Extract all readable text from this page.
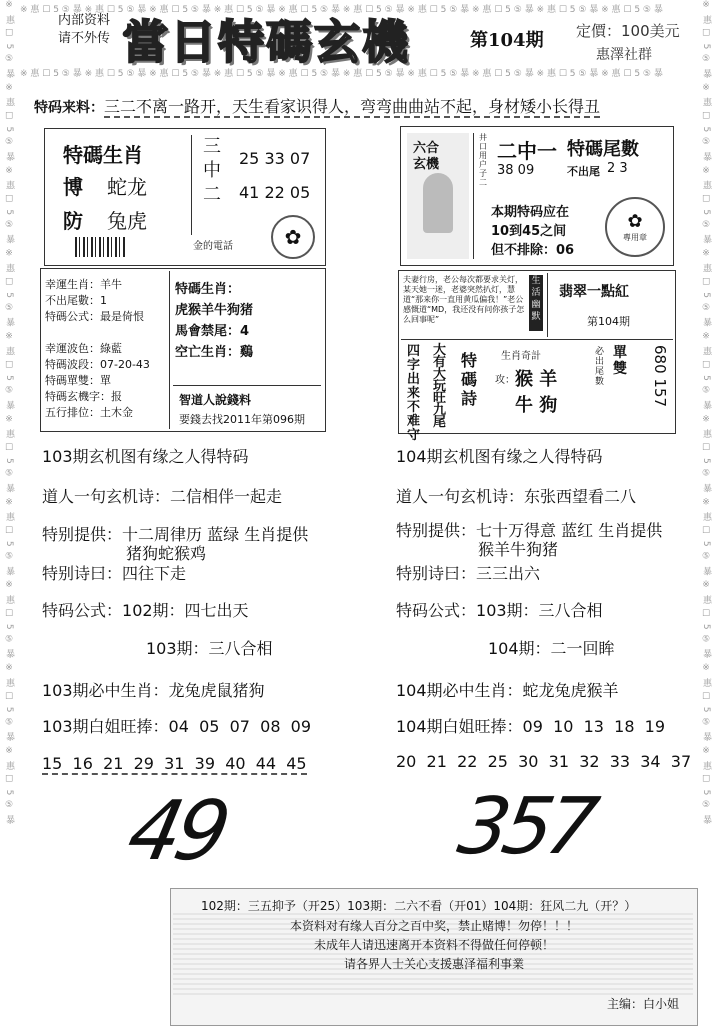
※ 惠 ☐ 5 ⑤ 暴 ※ 惠 ☐ 5 ⑤ 暴 ※ 惠 ☐ 5 ⑤ 暴 ※ 惠 ☐ 5 ⑤ 暴 ※ 惠 ☐ 5 ⑤ 暴 ※ 惠 ☐ 5 ⑤ 暴 ※ 惠 ☐ 5 ⑤ 暴 ※ 惠 ☐ 5 ⑤ 暴 ※ 惠 ☐ 5 ⑤ 暴 ※ 惠 ☐ 5 ⑤ 暴	※ 惠 ☐ 5 ⑤ 暴 ※ 惠 ☐ 5 ⑤ 暴 ※ 惠 ☐ 5 ⑤ 暴 ※ 惠 ☐ 5 ⑤ 暴 ※ 惠 ☐ 5 ⑤ 暴 ※ 惠 ☐ 5 ⑤ 暴 ※ 惠 ☐ 5 ⑤ 暴 ※ 惠 ☐ 5 ⑤ 暴 ※ 惠 ☐ 5 ⑤ 暴 ※ 惠 ☐ 5 ⑤ 暴
※ 惠 ☐ 5 ⑤ 暴 ※ 惠 ☐ 5 ⑤ 暴 ※ 惠 ☐ 5 ⑤ 暴 ※ 惠 ☐ 5 ⑤ 暴 ※ 惠 ☐ 5 ⑤ 暴 ※ 惠 ☐ 5 ⑤ 暴 ※ 惠 ☐ 5 ⑤ 暴 ※ 惠 ☐ 5 ⑤ 暴 ※ 惠 ☐ 5 ⑤ 暴 ※ 惠 ☐ 5 ⑤ 暴
※ 惠 ☐ 5 ⑤ 暴 ※ 惠 ☐ 5 ⑤ 暴 ※ 惠 ☐ 5 ⑤ 暴 ※ 惠 ☐ 5 ⑤ 暴 ※ 惠 ☐ 5 ⑤ 暴 ※ 惠 ☐ 5 ⑤ 暴 ※ 惠 ☐ 5 ⑤ 暴 ※ 惠 ☐ 5 ⑤ 暴 ※ 惠 ☐ 5 ⑤ 暴 ※ 惠 ☐ 5 ⑤ 暴
内部资料
请不外传 當日特碼玄機	第104期 定價：100美元
惠澤社群
特码来料：三二不离一路开，天生看家识得人，弯弯曲曲站不起，身材矮小长得丑
特碼生肖
博 蛇龙
防 兔虎
三中二
25 33 07
41 22 05
金的電話	✿
六合
玄機
井口用户子二
二中一
38 09
特碼尾數
不出尾 2 3
本期特码应在
10到45之间
但不排除：06
✿
專用章
幸運生肖：羊牛
不出尾數：1
特碼公式：最是倚恨
幸運波色：綠藍
特碼波段：07-20-43
特碼單雙：單
特碼玄機字：报
五行排位：土木金
特碼生肖：
虎猴羊牛狗猪
馬會禁尾：4
空亡生肖：鷄
智道人說錢料
要錢去找2011年第096期
夫妻行房，老公每次都要求关灯，某天她一迷，老婆突然扒灯，慧道“那来你一直用黄瓜偏我！”老公感慨道“MD，我还没有问你孩子怎么回事呢”
生活幽默
翡翠一點紅
第104期
四字出来不难守
大有大玩旺九尾
特碼詩
生肖奇計
攻： 猴 羊
牛 狗
必出尾數
單雙	680 157
103期玄机图有缘之人得特码
道人一句玄机诗：二信相伴一起走
特别提供：十二周律历 蓝绿 生肖提供
猪狗蛇猴鸡
特别诗曰：四往下走
特码公式：102期：四七出天
103期：三八合相
103期必中生肖：龙兔虎鼠猪狗
103期白姐旺捧：04  05  07  08  09
15  16  21  29  31  39  40  44  45
104期玄机图有缘之人得特码
道人一句玄机诗：东张西望看二八
特别提供：七十万得意 蓝红 生肖提供
猴羊牛狗猪
特别诗曰：三三出六
特码公式：103期：三八合相
104期：二一回眸
104期必中生肖：蛇龙兔虎猴羊
104期白姐旺捧：09  10  13  18  19
20  21  22  25  30  31  32  33  34  37
49	357
102期：三五抑予（开25）103期：二六不看（开01）104期：狂风二九（开？）
本资料对有缘人百分之百中奖，禁止赌博！勿停！！！
未成年人请迅速离开本资料不得做任何停顿！
请各界人士关心支援惠泽福利事業
主编：白小姐
